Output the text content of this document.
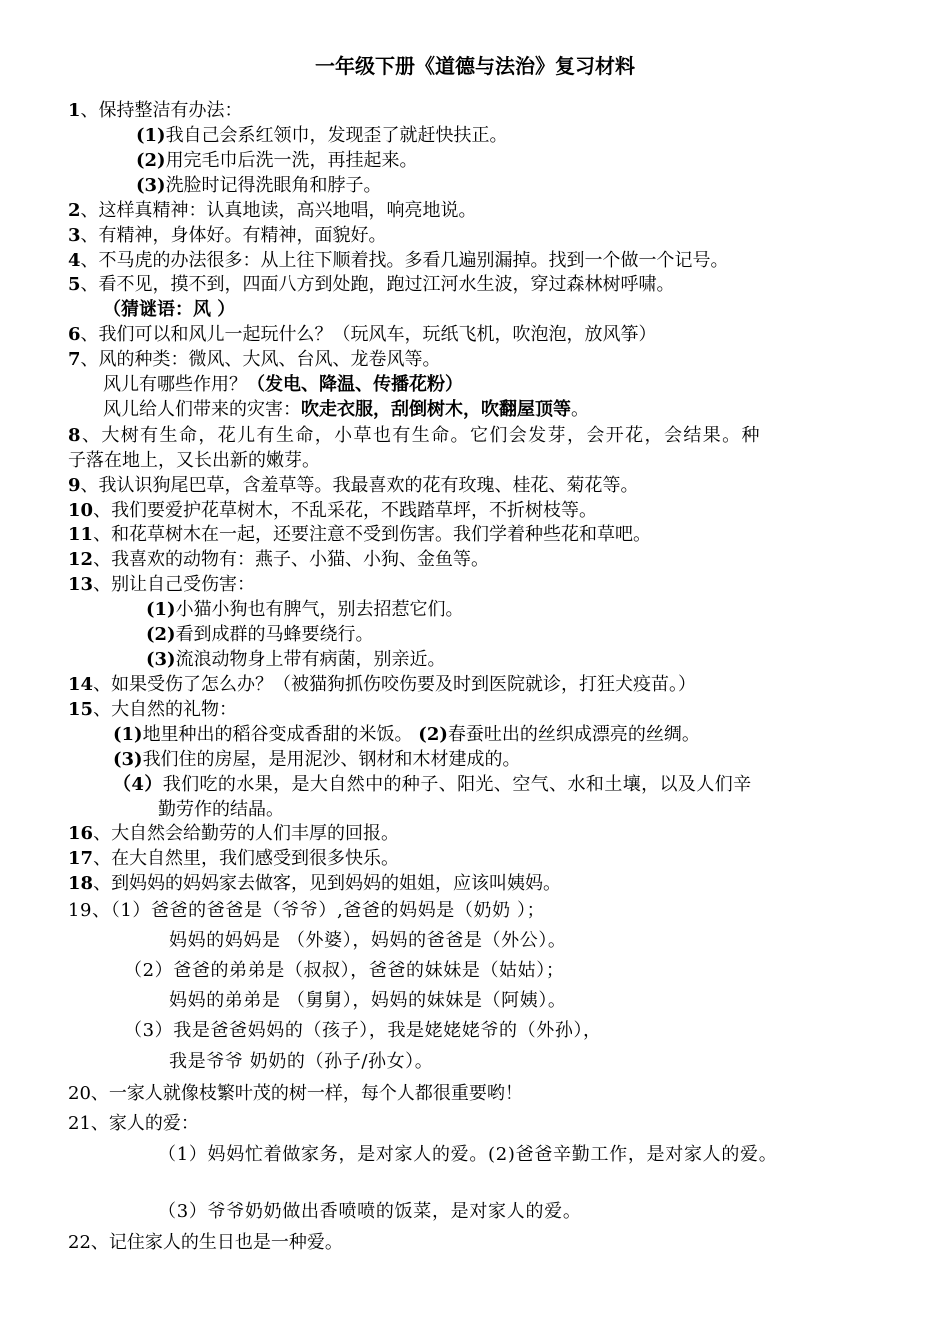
一年级下册《道德与法治》复习材料
1、保持整洁有办法：
(1)我自己会系红领巾，发现歪了就赶快扶正。
(2)用完毛巾后洗一洗，再挂起来。
(3)洗脸时记得洗眼角和脖子。
2、这样真精神：认真地读，高兴地唱，响亮地说。
3、有精神，身体好。有精神，面貌好。
4、不马虎的办法很多：从上往下顺着找。多看几遍别漏掉。找到一个做一个记号。
5、看不见，摸不到，四面八方到处跑，跑过江河水生波，穿过森林树呼啸。
（猜谜语：风 ）
6、我们可以和风儿一起玩什么？（玩风车，玩纸飞机，吹泡泡，放风筝）
7、风的种类：微风、大风、台风、龙卷风等。
风儿有哪些作用？（发电、降温、传播花粉）
风儿给人们带来的灾害：吹走衣服，刮倒树木，吹翻屋顶等。
8、大树有生命，花儿有生命，小草也有生命。它们会发芽，会开花，会结果。种
子落在地上，又长出新的嫩芽。
9、我认识狗尾巴草，含羞草等。我最喜欢的花有玫瑰、桂花、菊花等。
10、我们要爱护花草树木，不乱采花，不践踏草坪，不折树枝等。
11、和花草树木在一起，还要注意不受到伤害。我们学着种些花和草吧。
12、我喜欢的动物有：燕子、小猫、小狗、金鱼等。
13、别让自己受伤害：
(1)小猫小狗也有脾气，别去招惹它们。
(2)看到成群的马蜂要绕行。
(3)流浪动物身上带有病菌，别亲近。
14、如果受伤了怎么办？（被猫狗抓伤咬伤要及时到医院就诊，打狂犬疫苗。）
15、大自然的礼物：
(1)地里种出的稻谷变成香甜的米饭。 (2)春蚕吐出的丝织成漂亮的丝绸。
(3)我们住的房屋，是用泥沙、钢材和木材建成的。
（4）我们吃的水果，是大自然中的种子、阳光、空气、水和土壤，以及人们辛
勤劳作的结晶。
16、大自然会给勤劳的人们丰厚的回报。
17、在大自然里，我们感受到很多快乐。
18、到妈妈的妈妈家去做客，见到妈妈的姐姐，应该叫姨妈。
19、（1）爸爸的爸爸是（爷爷）,爸爸的妈妈是（奶奶 ）；
妈妈的妈妈是 （外婆），妈妈的爸爸是（外公）。
（2）爸爸的弟弟是（叔叔），爸爸的妹妹是（姑姑）；
妈妈的弟弟是 （舅舅），妈妈的妹妹是（阿姨）。
（3）我是爸爸妈妈的（孩子），我是姥姥姥爷的（外孙），
我是爷爷 奶奶的（孙子/孙女）。
20、一家人就像枝繁叶茂的树一样，每个人都很重要哟！
21、家人的爱：
（1）妈妈忙着做家务，是对家人的爱。(2)爸爸辛勤工作，是对家人的爱。
（3）爷爷奶奶做出香喷喷的饭菜，是对家人的爱。
22、记住家人的生日也是一种爱。
